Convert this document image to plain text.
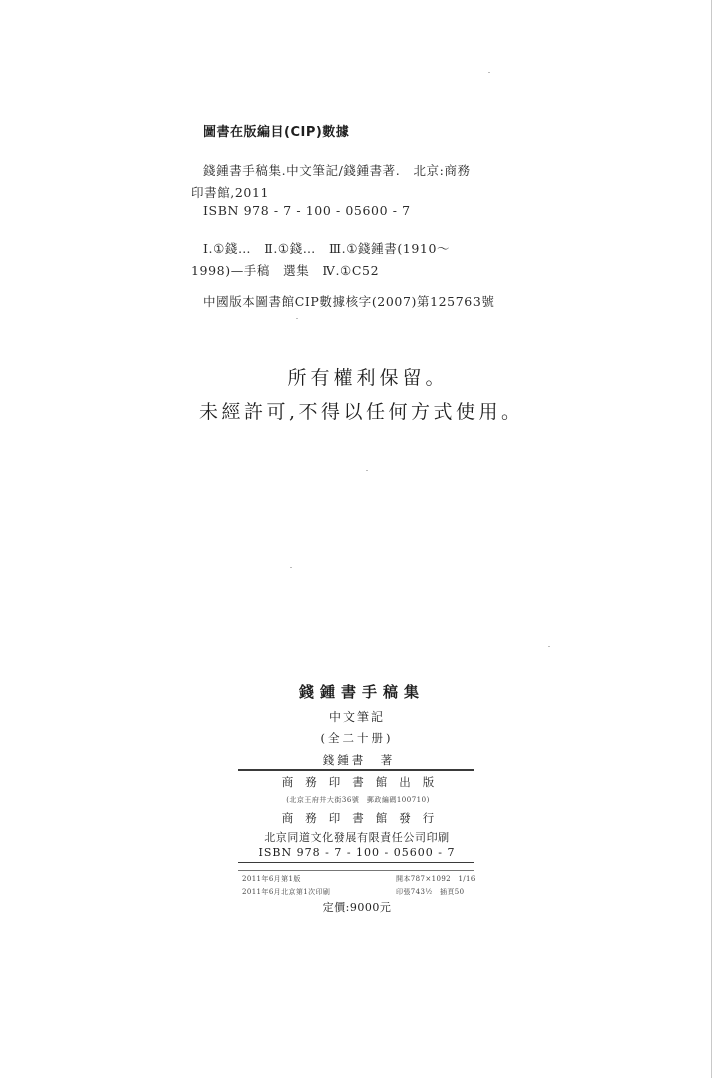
圖書在版編目(CIP)數據
錢鍾書手稿集.中文筆記/錢鍾書著.　北京:商務
印書館,2011
ISBN 978 - 7 - 100 - 05600 - 7
Ⅰ.①錢…　Ⅱ.①錢…　Ⅲ.①錢鍾書(1910～
1998)—手稿　選集　Ⅳ.①C52
中國版本圖書館CIP數據核字(2007)第125763號
所有權利保留。
未經許可,不得以任何方式使用。
錢鍾書手稿集
中文筆記
(全二十册)
錢鍾書　著
商務印書館出版
(北京王府井大街36號　郵政編碼100710)
商務印書館發行
北京同道文化發展有限責任公司印刷
ISBN 978 - 7 - 100 - 05600 - 7
2011年6月第1版	開本787×1092　1/16
2011年6月北京第1次印刷	印張743½　插頁50
定價:9000元
